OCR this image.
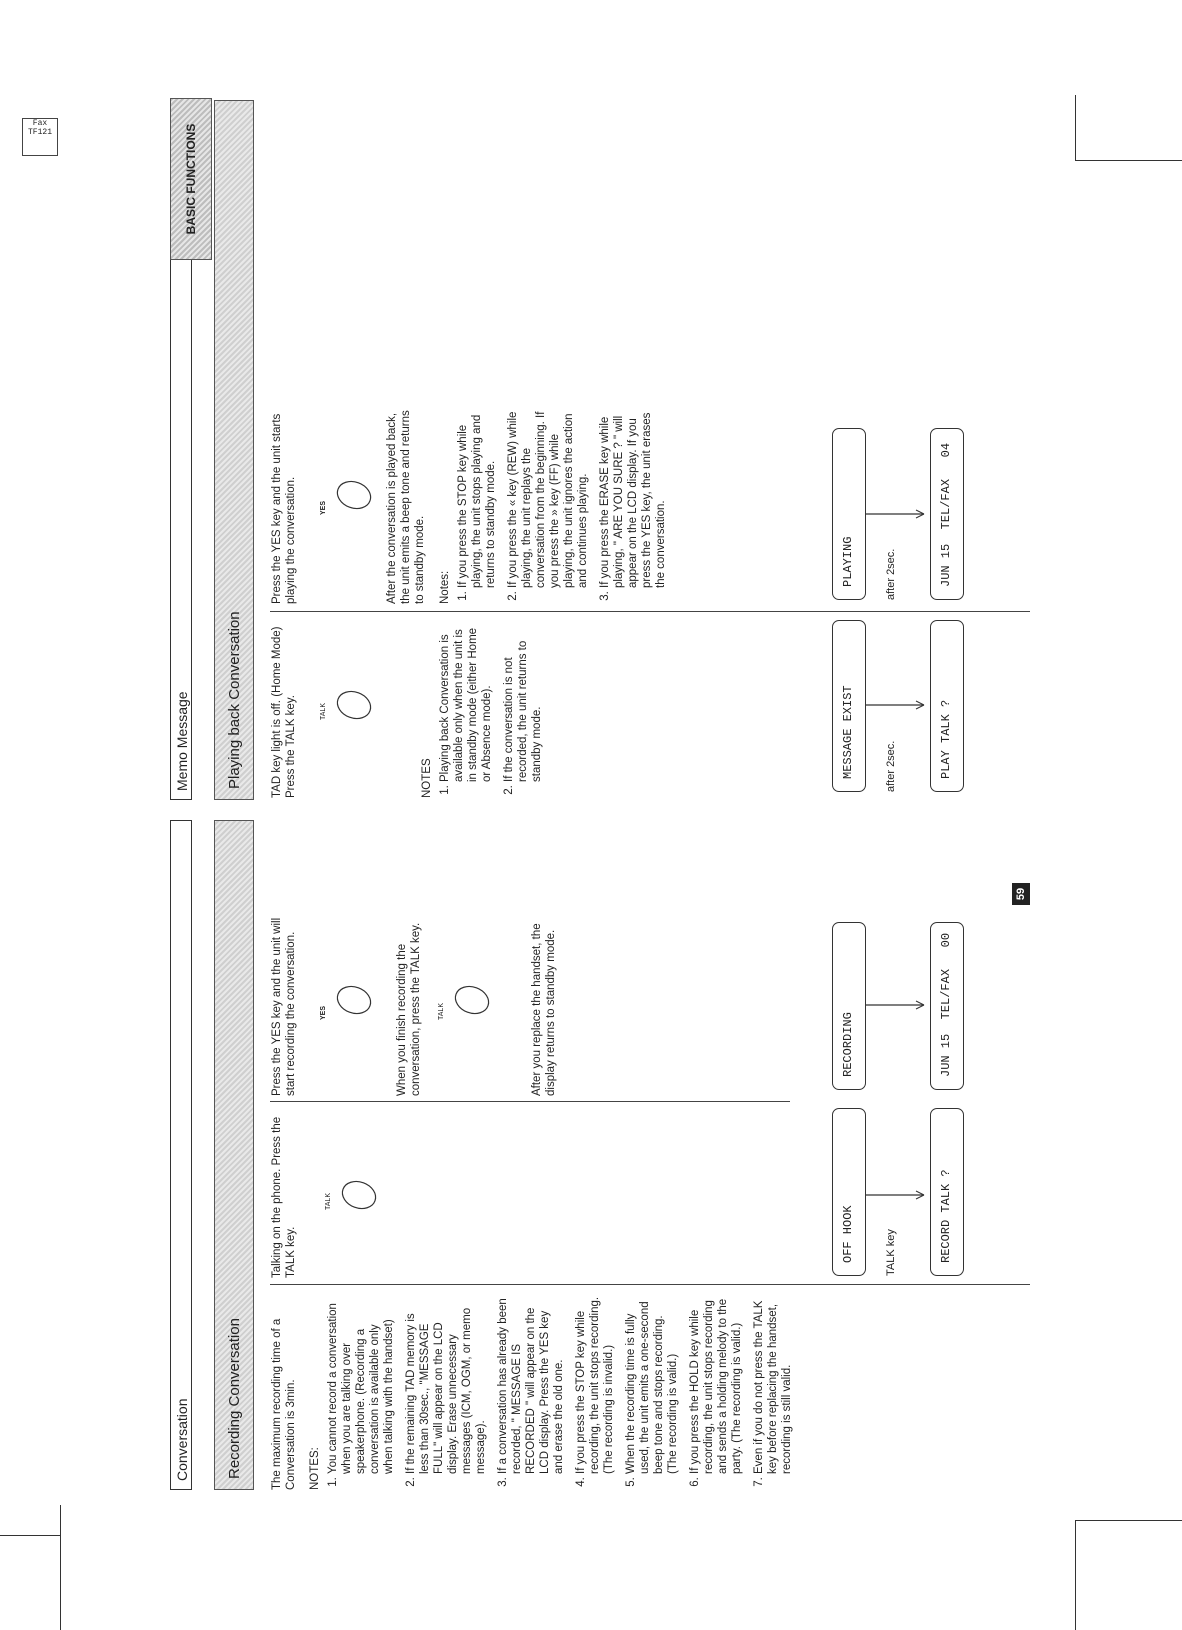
Fax
TF121
Conversation	Recording Conversation	The maximum recording time of a Conversation is 3min. NOTES: 1. You cannot record a conversation when you are talking over speakerphone. (Recording a conversation is available only when talking with the handset) 2. If the remaining TAD memory is less than 30sec., "MESSAGE FULL" will appear on the LCD display. Erase unnecessary messages (ICM, OGM, or memo message). 3. If a conversation has already been recorded, " MESSAGE IS RECORDED " will appear on the LCD display. Press the YES key and erase the old one. 4. If you press the STOP key while recording, the unit stops recording. (The recording is invalid.) 5. When the recording time is fully used, the unit emits a one-second beep tone and stops recording. (The recording is valid.) 6. If you press the HOLD key while recording, the unit stops recording and sends a holding melody to the party. (The recording is valid.) 7. Even if you do not press the TALK key before replacing the handset, recording is still valid.
Talking on the phone. Press the TALK key.
TALK
Press the YES key and the unit will start recording the conversation.	YES	When you finish recording the conversation, press the TALK key. TALK	After you replace the handset, the display returns to standby mode.
OFF HOOK	TALK key	RECORD TALK ?
RECORDING	JUN 15  TEL/FAX   00
59
Memo Message	Playing back Conversation	TAD key light is off. (Home Mode) Press the TALK key.	TALK
NOTES 1. Playing back Conversation is available only when the unit is in standby mode (either Home or Absence mode). 2. If the conversation is not recorded, the unit returns to standby mode.
Press the YES key and the unit starts playing the conversation.	YES	After the conversation is played back, the unit emits a beep tone and returns to standby mode. Notes: 1. If you press the STOP key while playing, the unit stops playing and returns to standby mode. 2. If you press the « key (REW) while playing, the unit replays the conversation from the beginning. If you press the » key (FF) while playing, the unit ignores the action and continues playing. 3. If you press the ERASE key while playing, " ARE YOU SURE ? " will appear on the LCD display. If you press the YES key, the unit erases the conversation.
MESSAGE EXIST	after 2sec.	PLAY TALK ?
PLAYING	after 2sec.	JUN 15  TEL/FAX   04
BASIC FUNCTIONS
